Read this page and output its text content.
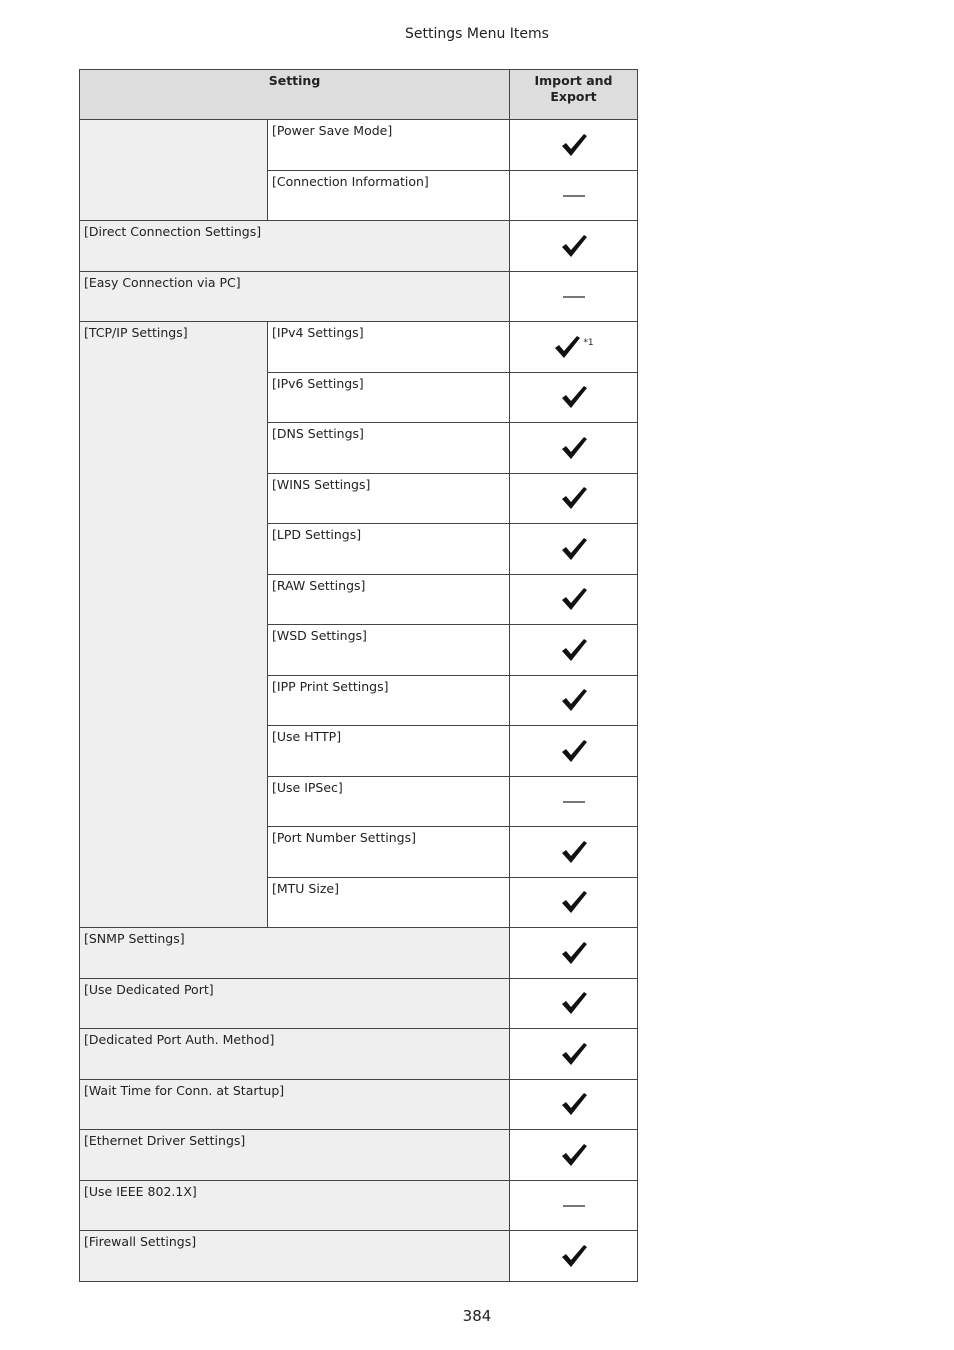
Settings Menu Items
Setting		Import and Export
	[Power Save Mode]	
	[Connection Information]	
[Direct Connection Settings]	
[Easy Connection via PC]		
[TCP/IP Settings]	[IPv4 Settings]	$^{*1}$
	[IPv6 Settings]	
	[DNS Settings]	
	[WINS Settings]	
	[LPD Settings]	
	[RAW Settings]	
	[WSD Settings]	
	[IPP Print Settings]	
	[Use HTTP]	
	[Use IPSec]	
	[Port Number Settings]	
	[MTU Size]	
[SNMP Settings]	
[Use Dedicated Port]	
[Dedicated Port Auth. Method]	
[Wait Time for Conn. at Startup]	
[Ethernet Driver Settings]	
[Use IEEE 802.1X]		
[Firewall Settings]	
384
